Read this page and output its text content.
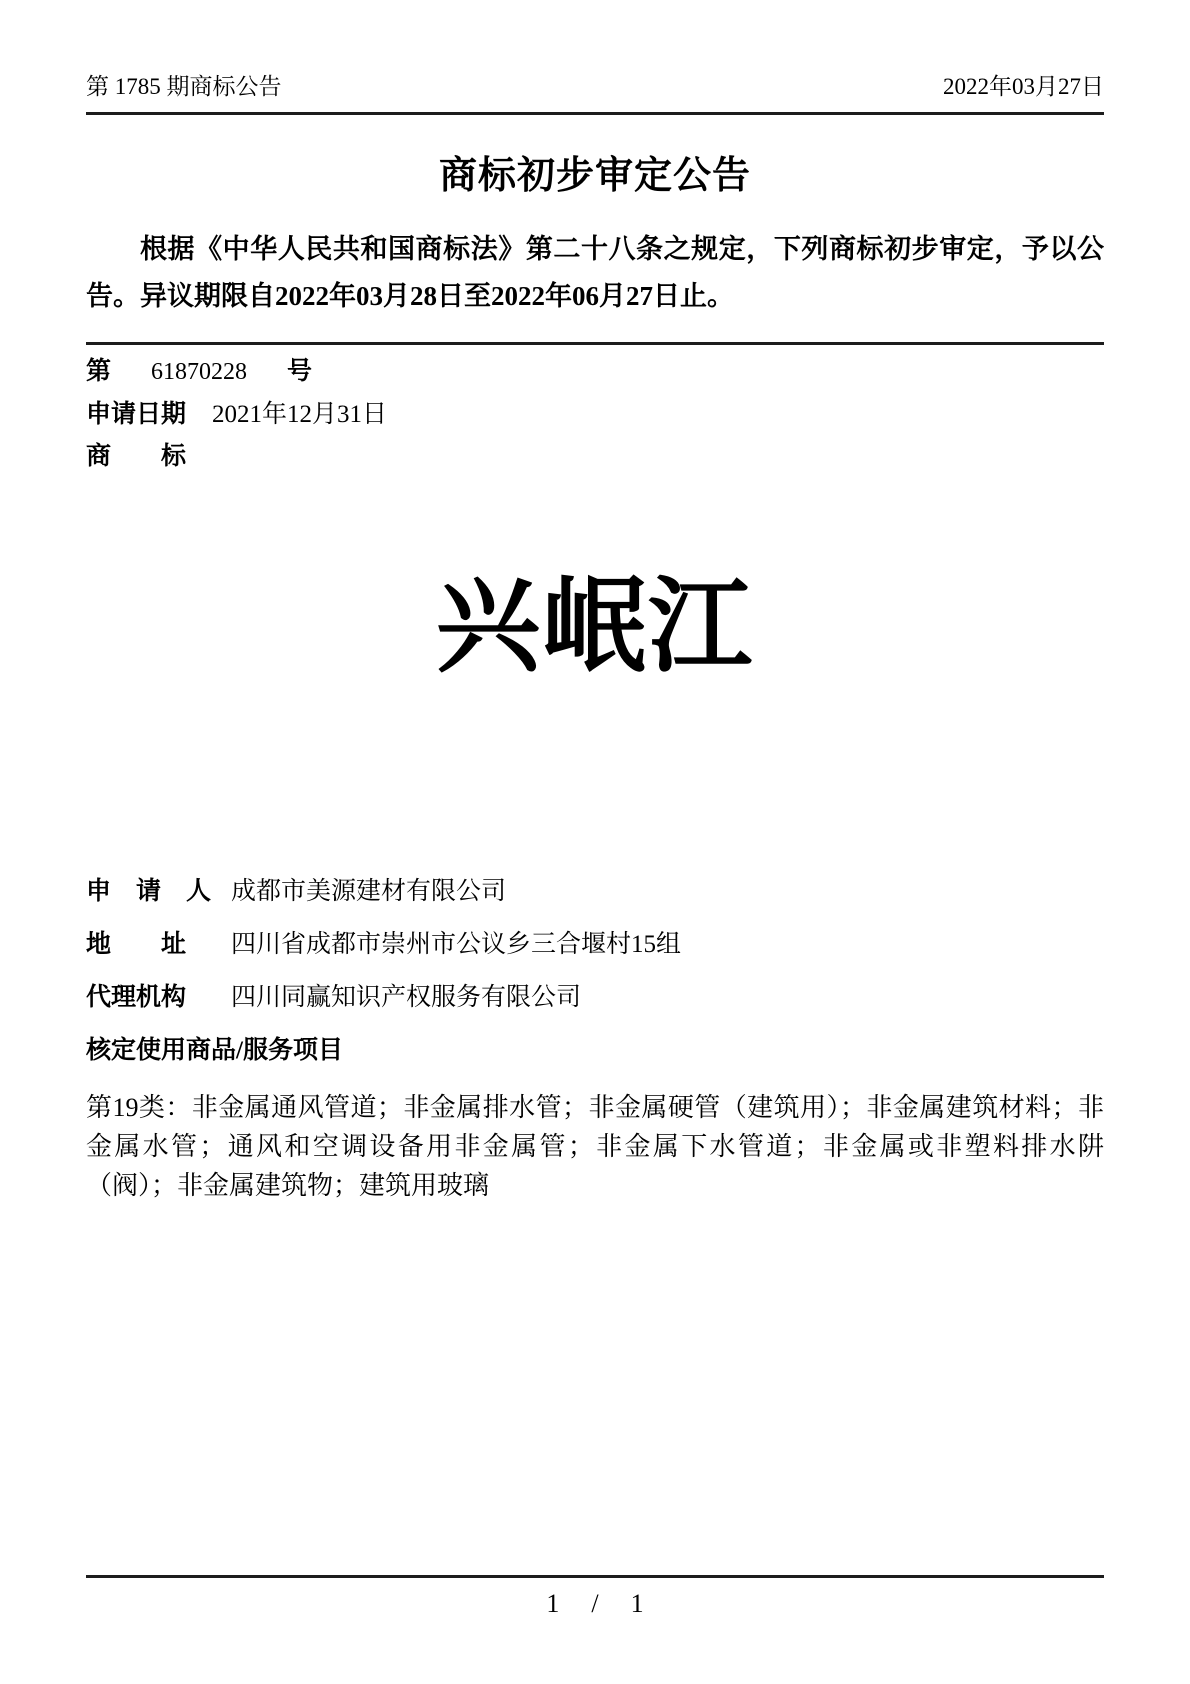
第 1785 期商标公告	2022年03月27日
商标初步审定公告

根据《中华人民共和国商标法》第二十八条之规定，下列商标初步审定，予以公告。异议期限自2022年03月28日至2022年06月27日止。

第 61870228 号
申请日期 2021年12月31日
商　　标
兴岷江
申　请　人 成都市美源建材有限公司
地　　址 四川省成都市崇州市公议乡三合堰村15组
代理机构 四川同赢知识产权服务有限公司
核定使用商品/服务项目

第19类：非金属通风管道；非金属排水管；非金属硬管（建筑用）；非金属建筑材料；非金属水管；通风和空调设备用非金属管；非金属下水管道；非金属或非塑料排水阱（阀）；非金属建筑物；建筑用玻璃

1 / 1
